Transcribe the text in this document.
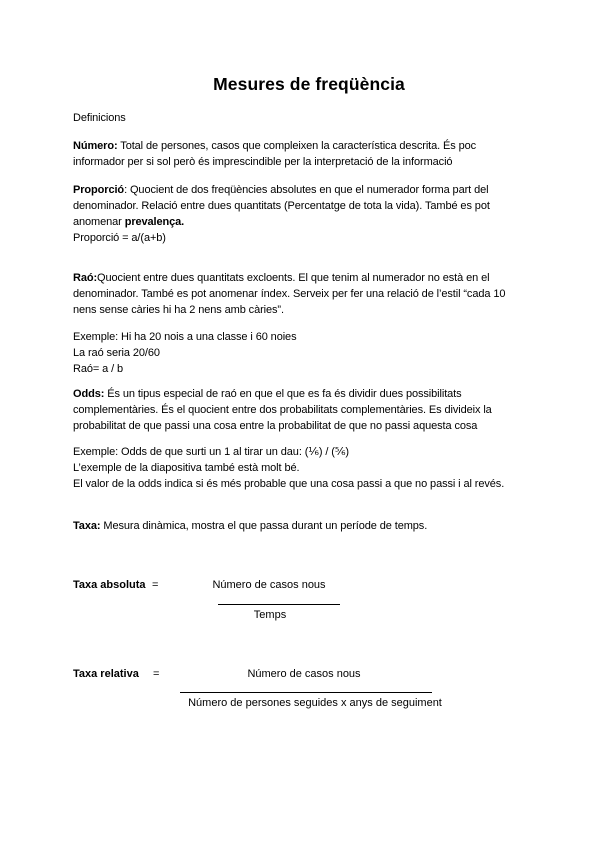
Mesures de freqüència
Definicions
Número: Total de persones, casos que compleixen la característica descrita. És poc
informador per si sol però és imprescindible per la interpretació de la informació
Proporció: Quocient de dos freqüències absolutes en que el numerador forma part del
denominador. Relació entre dues quantitats (Percentatge de tota la vida). També es pot
anomenar prevalença.
Proporció = a/(a+b)
Raó:Quocient entre dues quantitats excloents. El que tenim al numerador no està en el
denominador. També es pot anomenar índex. Serveix per fer una relació de l’estil “cada 10
nens sense càries hi ha 2 nens amb càries”.
Exemple: Hi ha 20 nois a una classe i 60 noies
La raó seria 20/60
Raó= a / b
Odds: És un tipus especial de raó en que el que es fa és dividir dues possibilitats
complementàries. És el quocient entre dos probabilitats complementàries. Es divideix la
probabilitat de que passi una cosa entre la probabilitat de que no passi aquesta cosa
Exemple: Odds de que surti un 1 al tirar un dau: (⅙) / (⅚)
L’exemple de la diapositiva també està molt bé.
El valor de la odds indica si és més probable que una cosa passi a que no passi i al revés.
Taxa: Mesura dinàmica, mostra el que passa durant un període de temps.
Taxa absoluta =	Número de casos nous
Temps
Taxa relativa =	Número de casos nous
Número de persones seguides x anys de seguiment
